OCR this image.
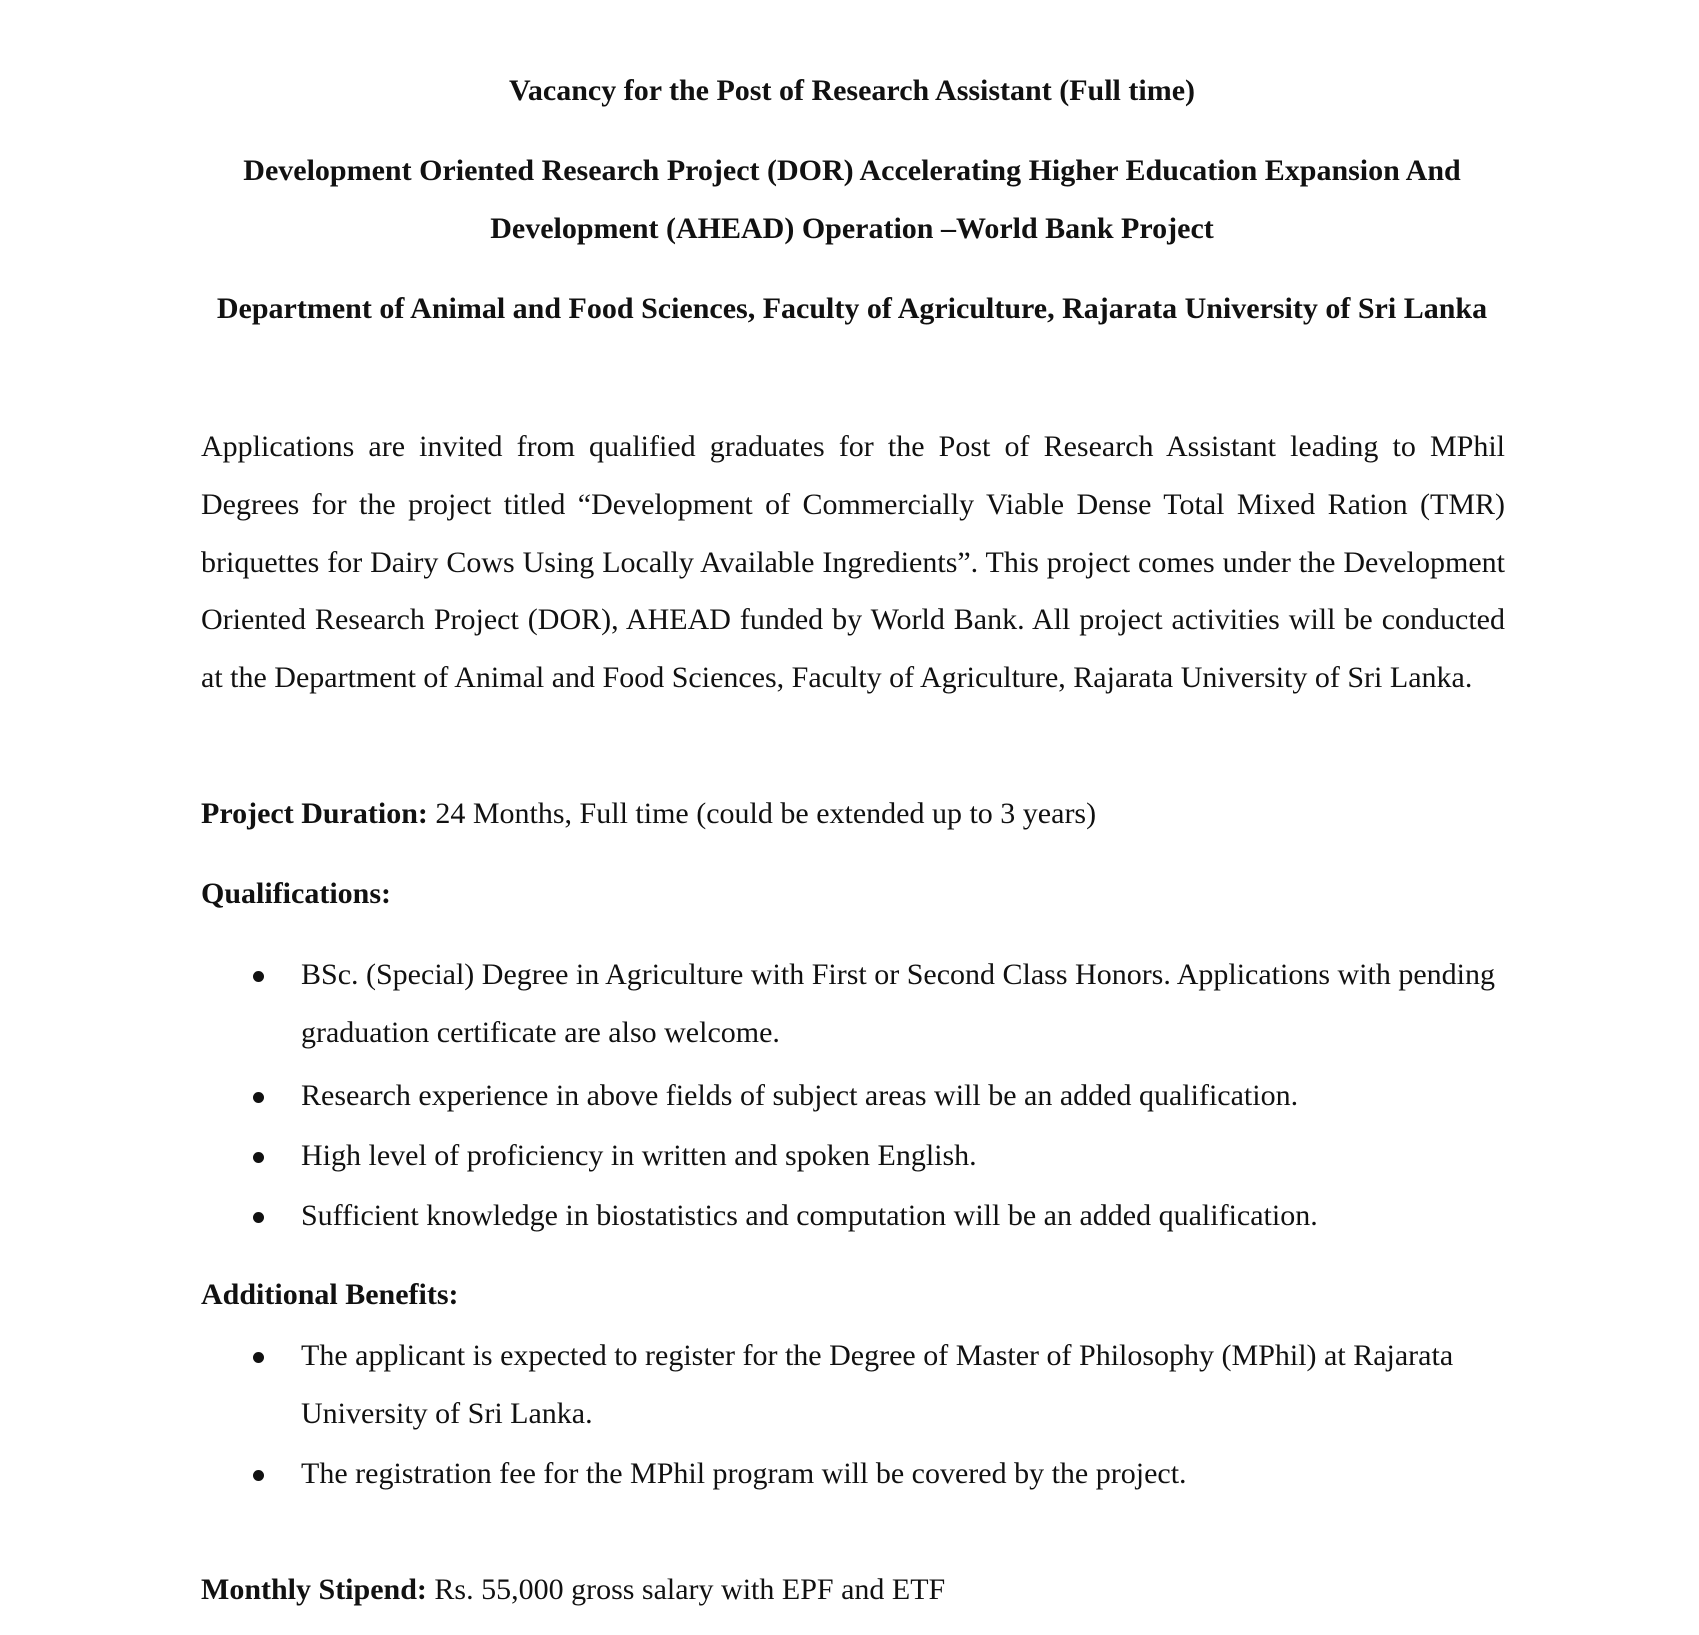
Vacancy for the Post of Research Assistant (Full time)

Development Oriented Research Project (DOR) Accelerating Higher Education Expansion And Development (AHEAD) Operation –World Bank Project

Department of Animal and Food Sciences, Faculty of Agriculture, Rajarata University of Sri Lanka

Applications are invited from qualified graduates for the Post of Research Assistant leading to MPhil Degrees for the project titled “Development of Commercially Viable Dense Total Mixed Ration (TMR) briquettes for Dairy Cows Using Locally Available Ingredients”. This project comes under the Development Oriented Research Project (DOR), AHEAD funded by World Bank. All project activities will be conducted at the Department of Animal and Food Sciences, Faculty of Agriculture, Rajarata University of Sri Lanka.

Project Duration: 24 Months, Full time (could be extended up to 3 years)

Qualifications:

BSc. (Special) Degree in Agriculture with First or Second Class Honors. Applications with pending graduation certificate are also welcome.
Research experience in above fields of subject areas will be an added qualification.
High level of proficiency in written and spoken English.
Sufficient knowledge in biostatistics and computation will be an added qualification.

Additional Benefits:

The applicant is expected to register for the Degree of Master of Philosophy (MPhil) at Rajarata University of Sri Lanka.
The registration fee for the MPhil program will be covered by the project.

Monthly Stipend: Rs. 55,000 gross salary with EPF and ETF
